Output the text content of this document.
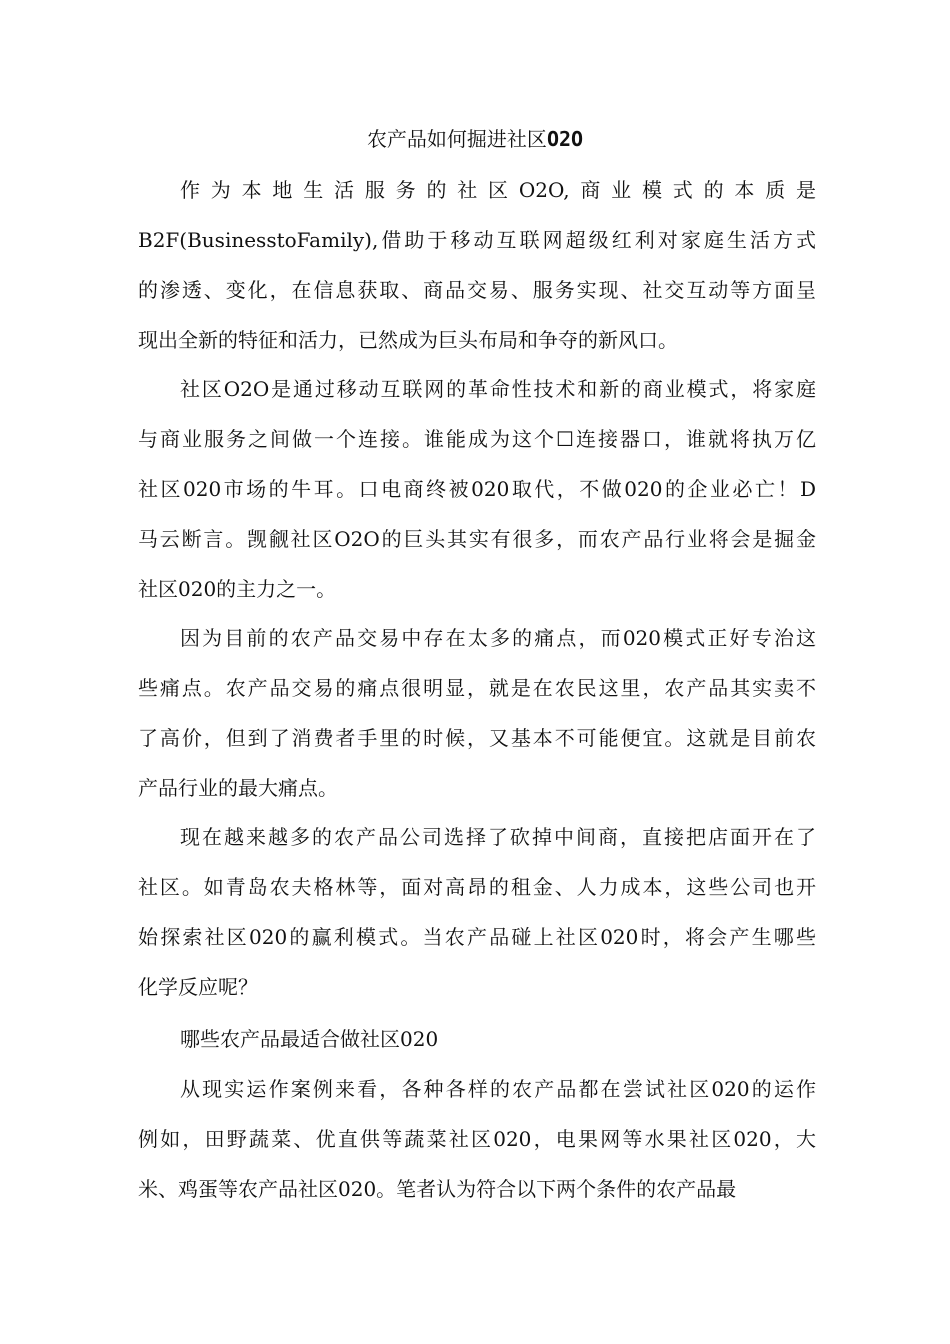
农产品如何掘进社区O2O
作为本地生活服务的社区O2O,商业模式的本质是
B2F(BusinesstoFamily),借助于移动互联网超级红利对家庭生活方式
的渗透、变化，在信息获取、商品交易、服务实现、社交互动等方面呈
现出全新的特征和活力，已然成为巨头布局和争夺的新风口。
社区O2O是通过移动互联网的革命性技术和新的商业模式，将家庭
与商业服务之间做一个连接。谁能成为这个☐连接器口，谁就将执万亿
社区020市场的牛耳。口电商终被020取代，不做020的企业必亡！D
马云断言。觊觎社区O2O的巨头其实有很多，而农产品行业将会是掘金
社区020的主力之一。
因为目前的农产品交易中存在太多的痛点，而020模式正好专治这
些痛点。农产品交易的痛点很明显，就是在农民这里，农产品其实卖不
了高价，但到了消费者手里的时候，又基本不可能便宜。这就是目前农
产品行业的最大痛点。
现在越来越多的农产品公司选择了砍掉中间商，直接把店面开在了
社区。如青岛农夫格林等，面对高昂的租金、人力成本，这些公司也开
始探索社区020的赢利模式。当农产品碰上社区020时，将会产生哪些
化学反应呢？
哪些农产品最适合做社区020
从现实运作案例来看，各种各样的农产品都在尝试社区020的运作
例如，田野蔬菜、优直供等蔬菜社区020，电果网等水果社区020，大
米、鸡蛋等农产品社区020。笔者认为符合以下两个条件的农产品最
